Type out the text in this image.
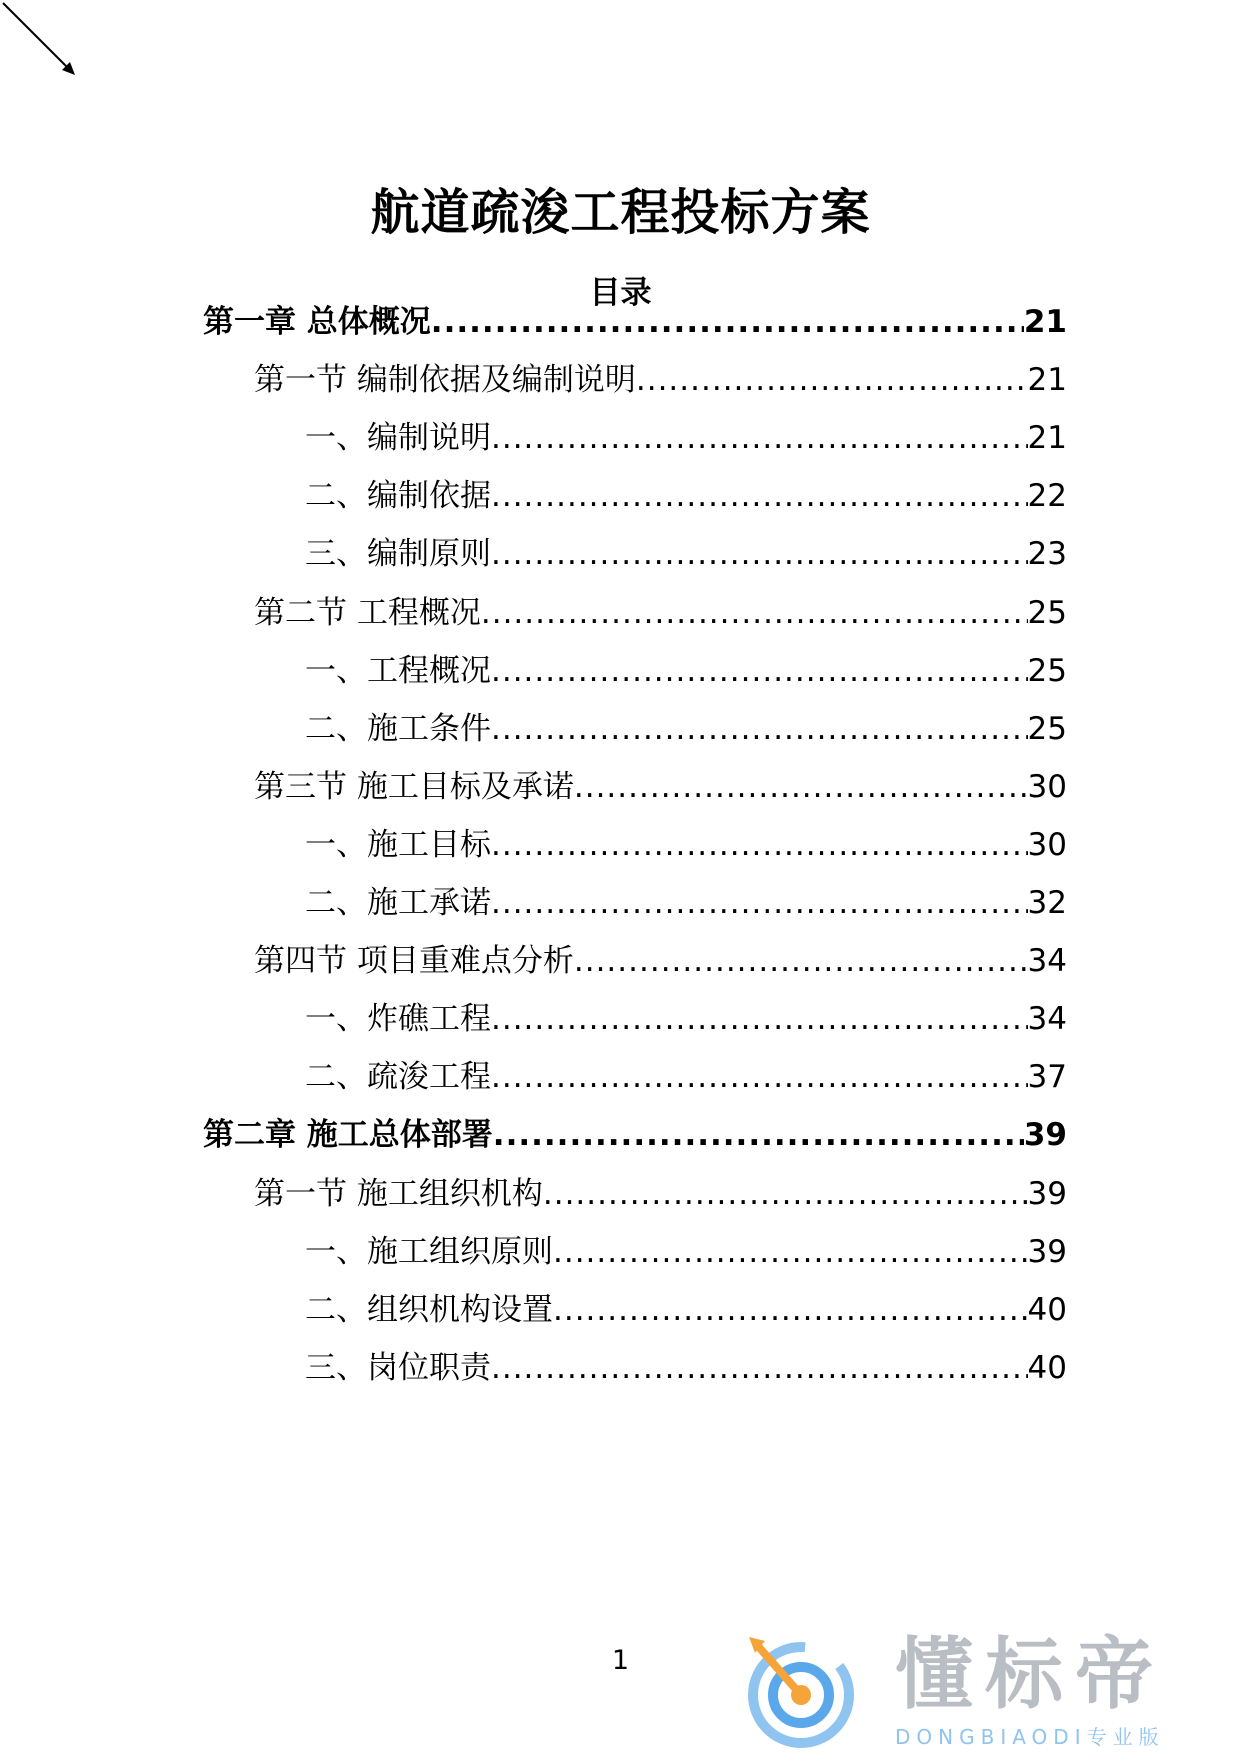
航道疏浚工程投标方案
目录
第一章 总体概况 .....	21
第一节 编制依据及编制说明 .....	21
一、编制说明 .....	21
二、编制依据 .....	22
三、编制原则 .....	23
第二节 工程概况 .....	25
一、工程概况 .....	25
二、施工条件 .....	25
第三节 施工目标及承诺 .....	30
一、施工目标 .....	30
二、施工承诺 .....	32
第四节 项目重难点分析 .....	34
一、炸礁工程 .....	34
二、疏浚工程 .....	37
第二章 施工总体部署 .....	39
第一节 施工组织机构 .....	39
一、施工组织原则 .....	39
二、组织机构设置 .....	40
三、岗位职责 .....	40
1	懂标帝
DONGBIAODI专业版
